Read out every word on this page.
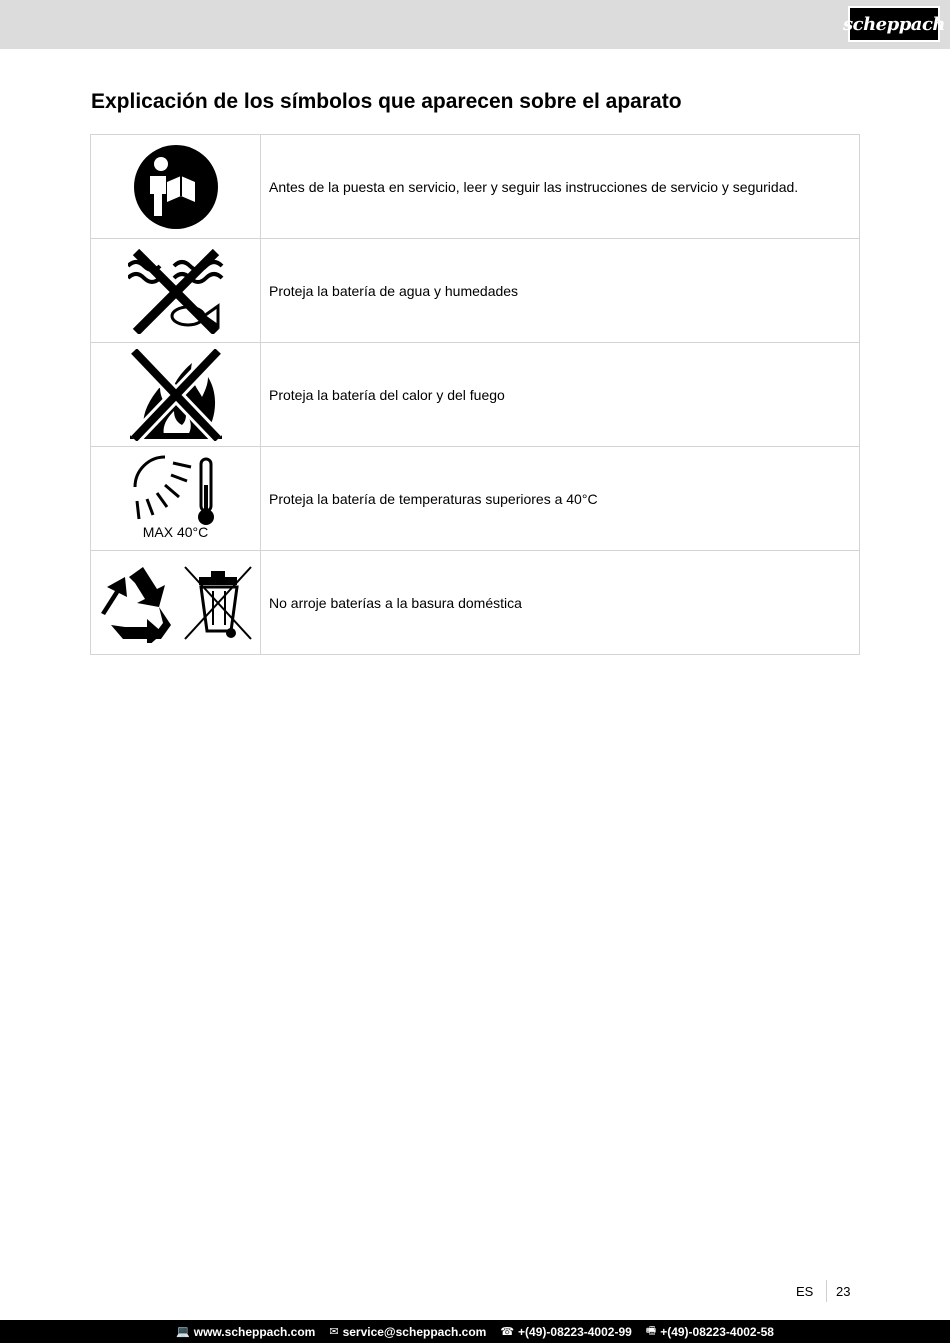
scheppach
Explicación de los símbolos que aparecen sobre el aparato
	Antes de la puesta en servicio, leer y seguir las instrucciones de servicio y seguridad.

	Proteja la batería de agua y humedades

	Proteja la batería del calor y del fuego

MAX 40°C	Proteja la batería de temperaturas superiores a 40°C

	No arroje baterías a la basura doméstica
ES 23
💻 www.scheppach.com ✉ service@scheppach.com ☎ +(49)-08223-4002-99 🖷 +(49)-08223-4002-58
